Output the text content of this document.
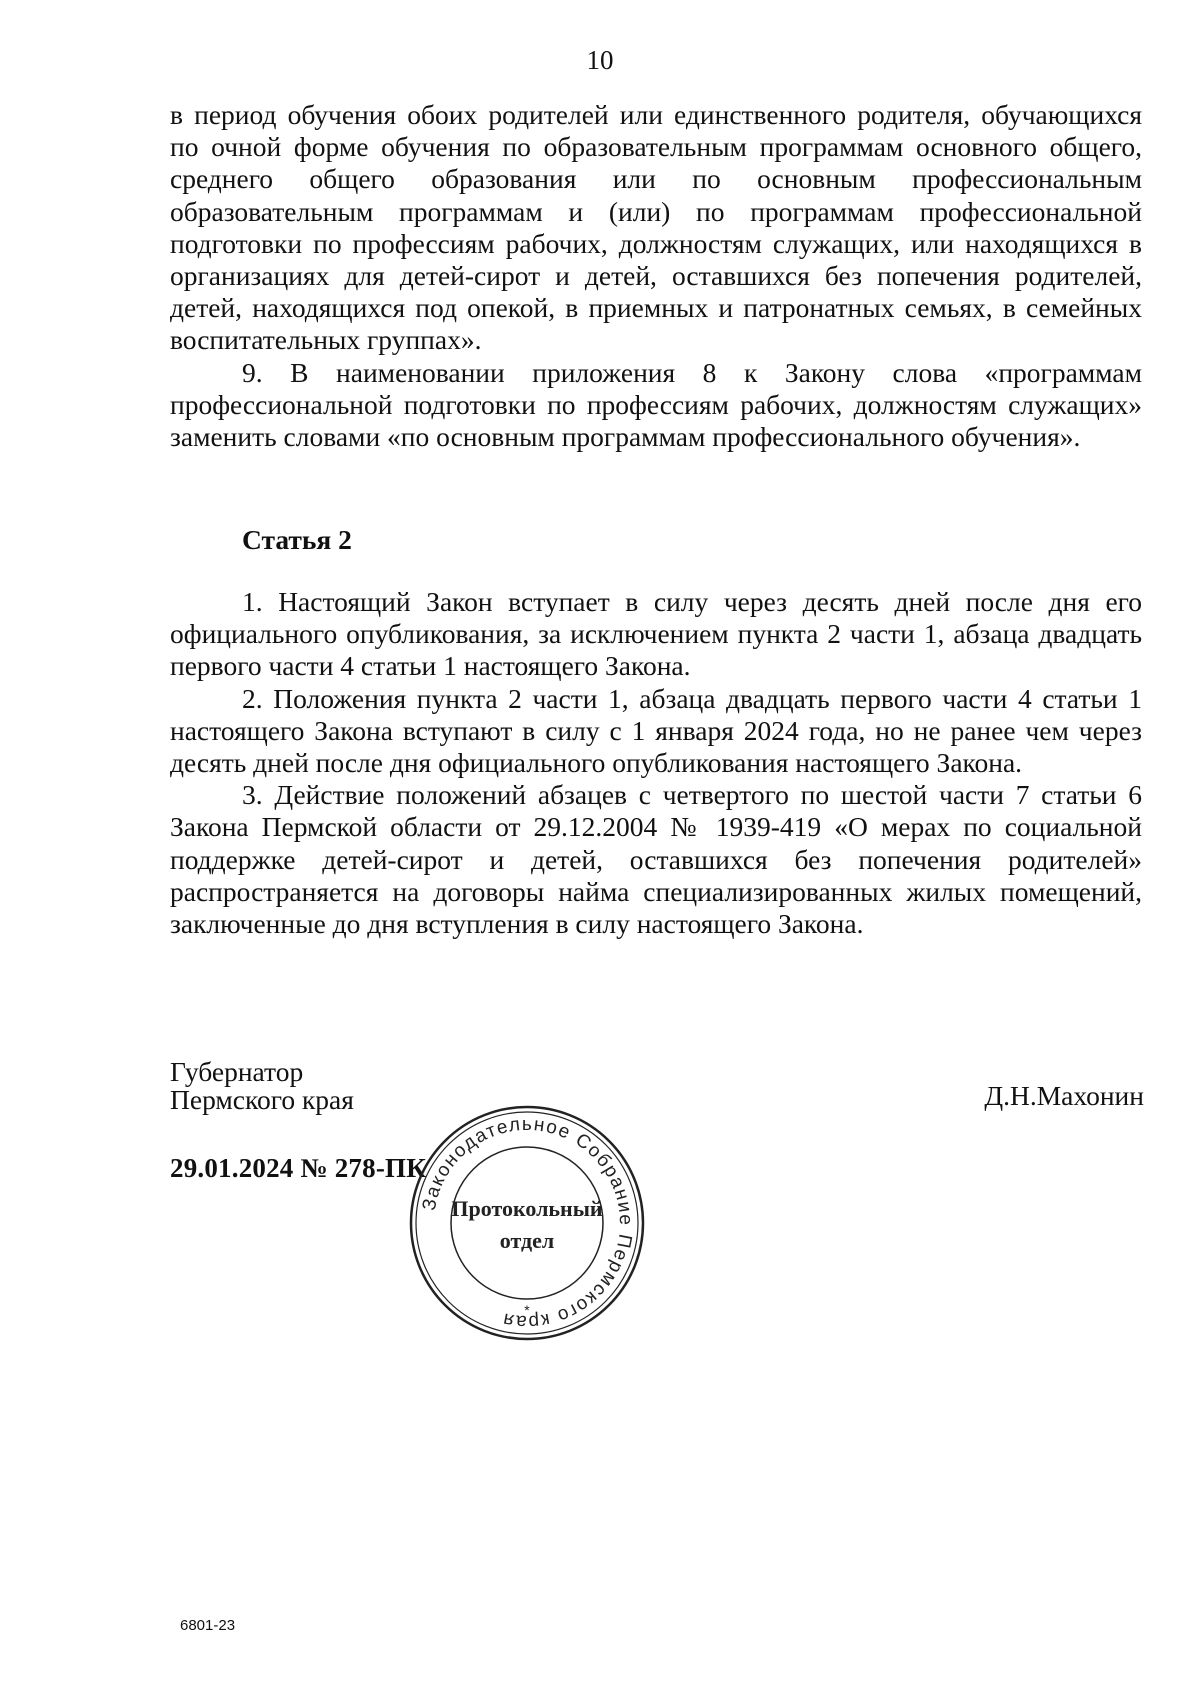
10

в период обучения обоих родителей или единственного родителя, обучающихся по очной форме обучения по образовательным программам основного общего, среднего общего образования или по основным профессиональным образовательным программам и (или) по программам профессиональной подготовки по профессиям рабочих, должностям служащих, или находящихся в организациях для детей-сирот и детей, оставшихся без попечения родителей, детей, находящихся под опекой, в приемных и патронатных семьях, в семейных воспитательных группах».

9. В наименовании приложения 8 к Закону слова «программам профессиональной подготовки по профессиям рабочих, должностям служащих» заменить словами «по основным программам профессионального обучения».

Статья 2

1. Настоящий Закон вступает в силу через десять дней после дня его официального опубликования, за исключением пункта 2 части 1, абзаца двадцать первого части 4 статьи 1 настоящего Закона.

2. Положения пункта 2 части 1, абзаца двадцать первого части 4 статьи 1 настоящего Закона вступают в силу с 1 января 2024 года, но не ранее чем через десять дней после дня официального опубликования настоящего Закона.

3. Действие положений абзацев с четвертого по шестой части 7 статьи 6 Закона Пермской области от 29.12.2004 № 1939-419 «О мерах по социальной поддержке детей-сирот и детей, оставшихся без попечения родителей» распространяется на договоры найма специализированных жилых помещений, заключенные до дня вступления в силу настоящего Закона.

Губернатор
Пермского края	Д.Н.Махонин
29.01.2024 № 278-ПК
Законодательное Собрание Пермского края
Протокольный
отдел
*
6801-23
